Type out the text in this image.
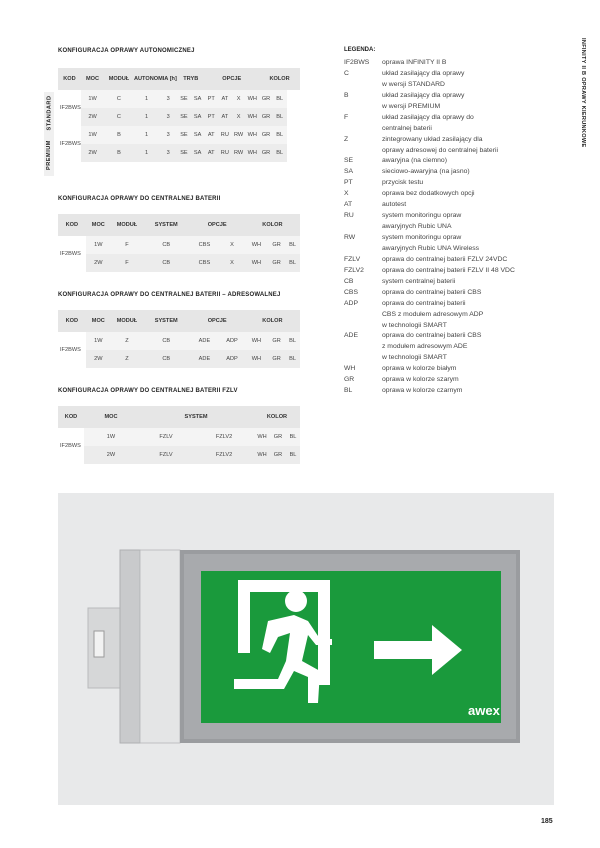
INFINITY II B OPRAWY KIERUNKOWE
KONFIGURACJA OPRAWY AUTONOMICZNEJ
STANDARD
PREMIUM
KOD	MOC	MODUŁ	AUTONOMIA [h]		TRYB		OPCJE				KOLOR	
IF2BWS	1W	C	1	3	SE	SA	PT	AT	X	WH	GR	BL
	2W	C	1	3	SE	SA	PT	AT	X	WH	GR	BL
IF2BWS	1W	B	1	3	SE	SA	AT	RU	RW	WH	GR	BL
	2W	B	1	3	SE	SA	AT	RU	RW	WH	GR	BL
KONFIGURACJA OPRAWY DO CENTRALNEJ BATERII
KOD	MOC	MODUŁ	SYSTEM	OPCJE		KOLOR		
IF2BWS	1W	F	CB	CBS	X	WH	GR	BL
	2W	F	CB	CBS	X	WH	GR	BL
KONFIGURACJA OPRAWY DO CENTRALNEJ BATERII – ADRESOWALNEJ
KOD	MOC	MODUŁ	SYSTEM	OPCJE		KOLOR		
IF2BWS	1W	Z	CB	ADE	ADP	WH	GR	BL
	2W	Z	CB	ADE	ADP	WH	GR	BL
KONFIGURACJA OPRAWY DO CENTRALNEJ BATERII FZLV
KOD	MOC	SYSTEM		KOLOR		
IF2BWS	1W	FZLV	FZLV2	WH	GR	BL
	2W	FZLV	FZLV2	WH	GR	BL
LEGENDA:
IF2BWS	oprawa INFINITY II B
C	układ zasilający dla oprawy
w wersji STANDARD
B	układ zasilający dla oprawy
w wersji PREMIUM
F	układ zasilający dla oprawy do
centralnej baterii
Z	zintegrowany układ zasilający dla
oprawy adresowej do centralnej baterii
SE	awaryjna (na ciemno)
SA	sieciowo-awaryjna (na jasno)
PT	przycisk testu
X	oprawa bez dodatkowych opcji
AT	autotest
RU	system monitoringu opraw
awaryjnych Rubic UNA
RW	system monitoringu opraw
awaryjnych Rubic UNA Wireless
FZLV	oprawa do centralnej baterii FZLV 24VDC
FZLV2	oprawa do centralnej baterii FZLV II 48 VDC
CB	system centralnej baterii
CBS	oprawa do centralnej baterii CBS
ADP	oprawa do centralnej baterii
CBS z modułem adresowym ADP
w technologii SMART
ADE	oprawa do centralnej baterii CBS
z modułem adresowym ADE
w technologii SMART
WH	oprawa w kolorze białym
GR	oprawa w kolorze szarym
BL	oprawa w kolorze czarnym
awex
185
